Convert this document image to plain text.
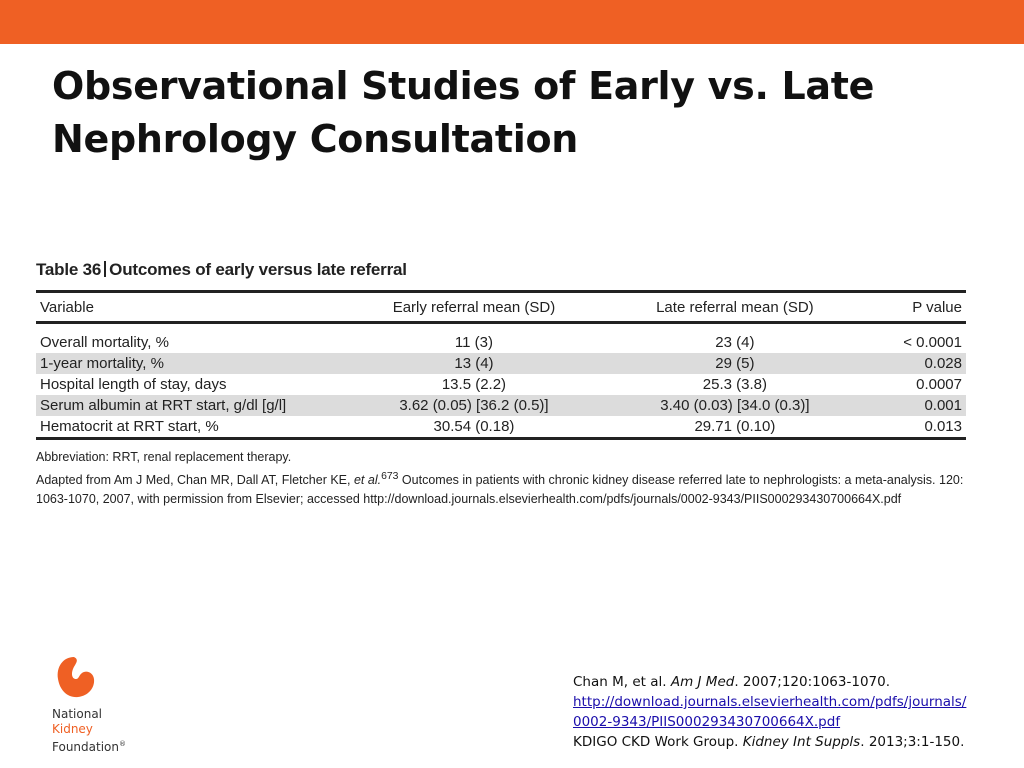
Observational Studies of Early vs. Late
Nephrology Consultation
Table 36 Outcomes of early versus late referral
Variable	Early referral mean (SD)	Late referral mean (SD)	P value
Overall mortality, %	11 (3)	23 (4)	< 0.0001
1-year mortality, %	13 (4)	29 (5)	0.028
Hospital length of stay, days	13.5 (2.2)	25.3 (3.8)	0.0007
Serum albumin at RRT start, g/dl [g/l]	3.62 (0.05) [36.2 (0.5)]	3.40 (0.03) [34.0 (0.3)]	0.001
Hematocrit at RRT start, %	30.54 (0.18)	29.71 (0.10)	0.013
Abbreviation: RRT, renal replacement therapy.
Adapted from Am J Med, Chan MR, Dall AT, Fletcher KE, et al.$^{673}$ Outcomes in patients with chronic kidney disease referred late to nephrologists: a meta-analysis. 120: 1063-1070, 2007, with permission from Elsevier; accessed http://download.journals.elsevierhealth.com/pdfs/journals/0002-9343/PIIS000293430700664X.pdf
National
Kidney
Foundation®
Chan M, et al. Am J Med. 2007;120:1063-1070.
http://download.journals.elsevierhealth.com/pdfs/journals/
0002-9343/PIIS000293430700664X.pdf
KDIGO CKD Work Group. Kidney Int Suppls. 2013;3:1-150.
